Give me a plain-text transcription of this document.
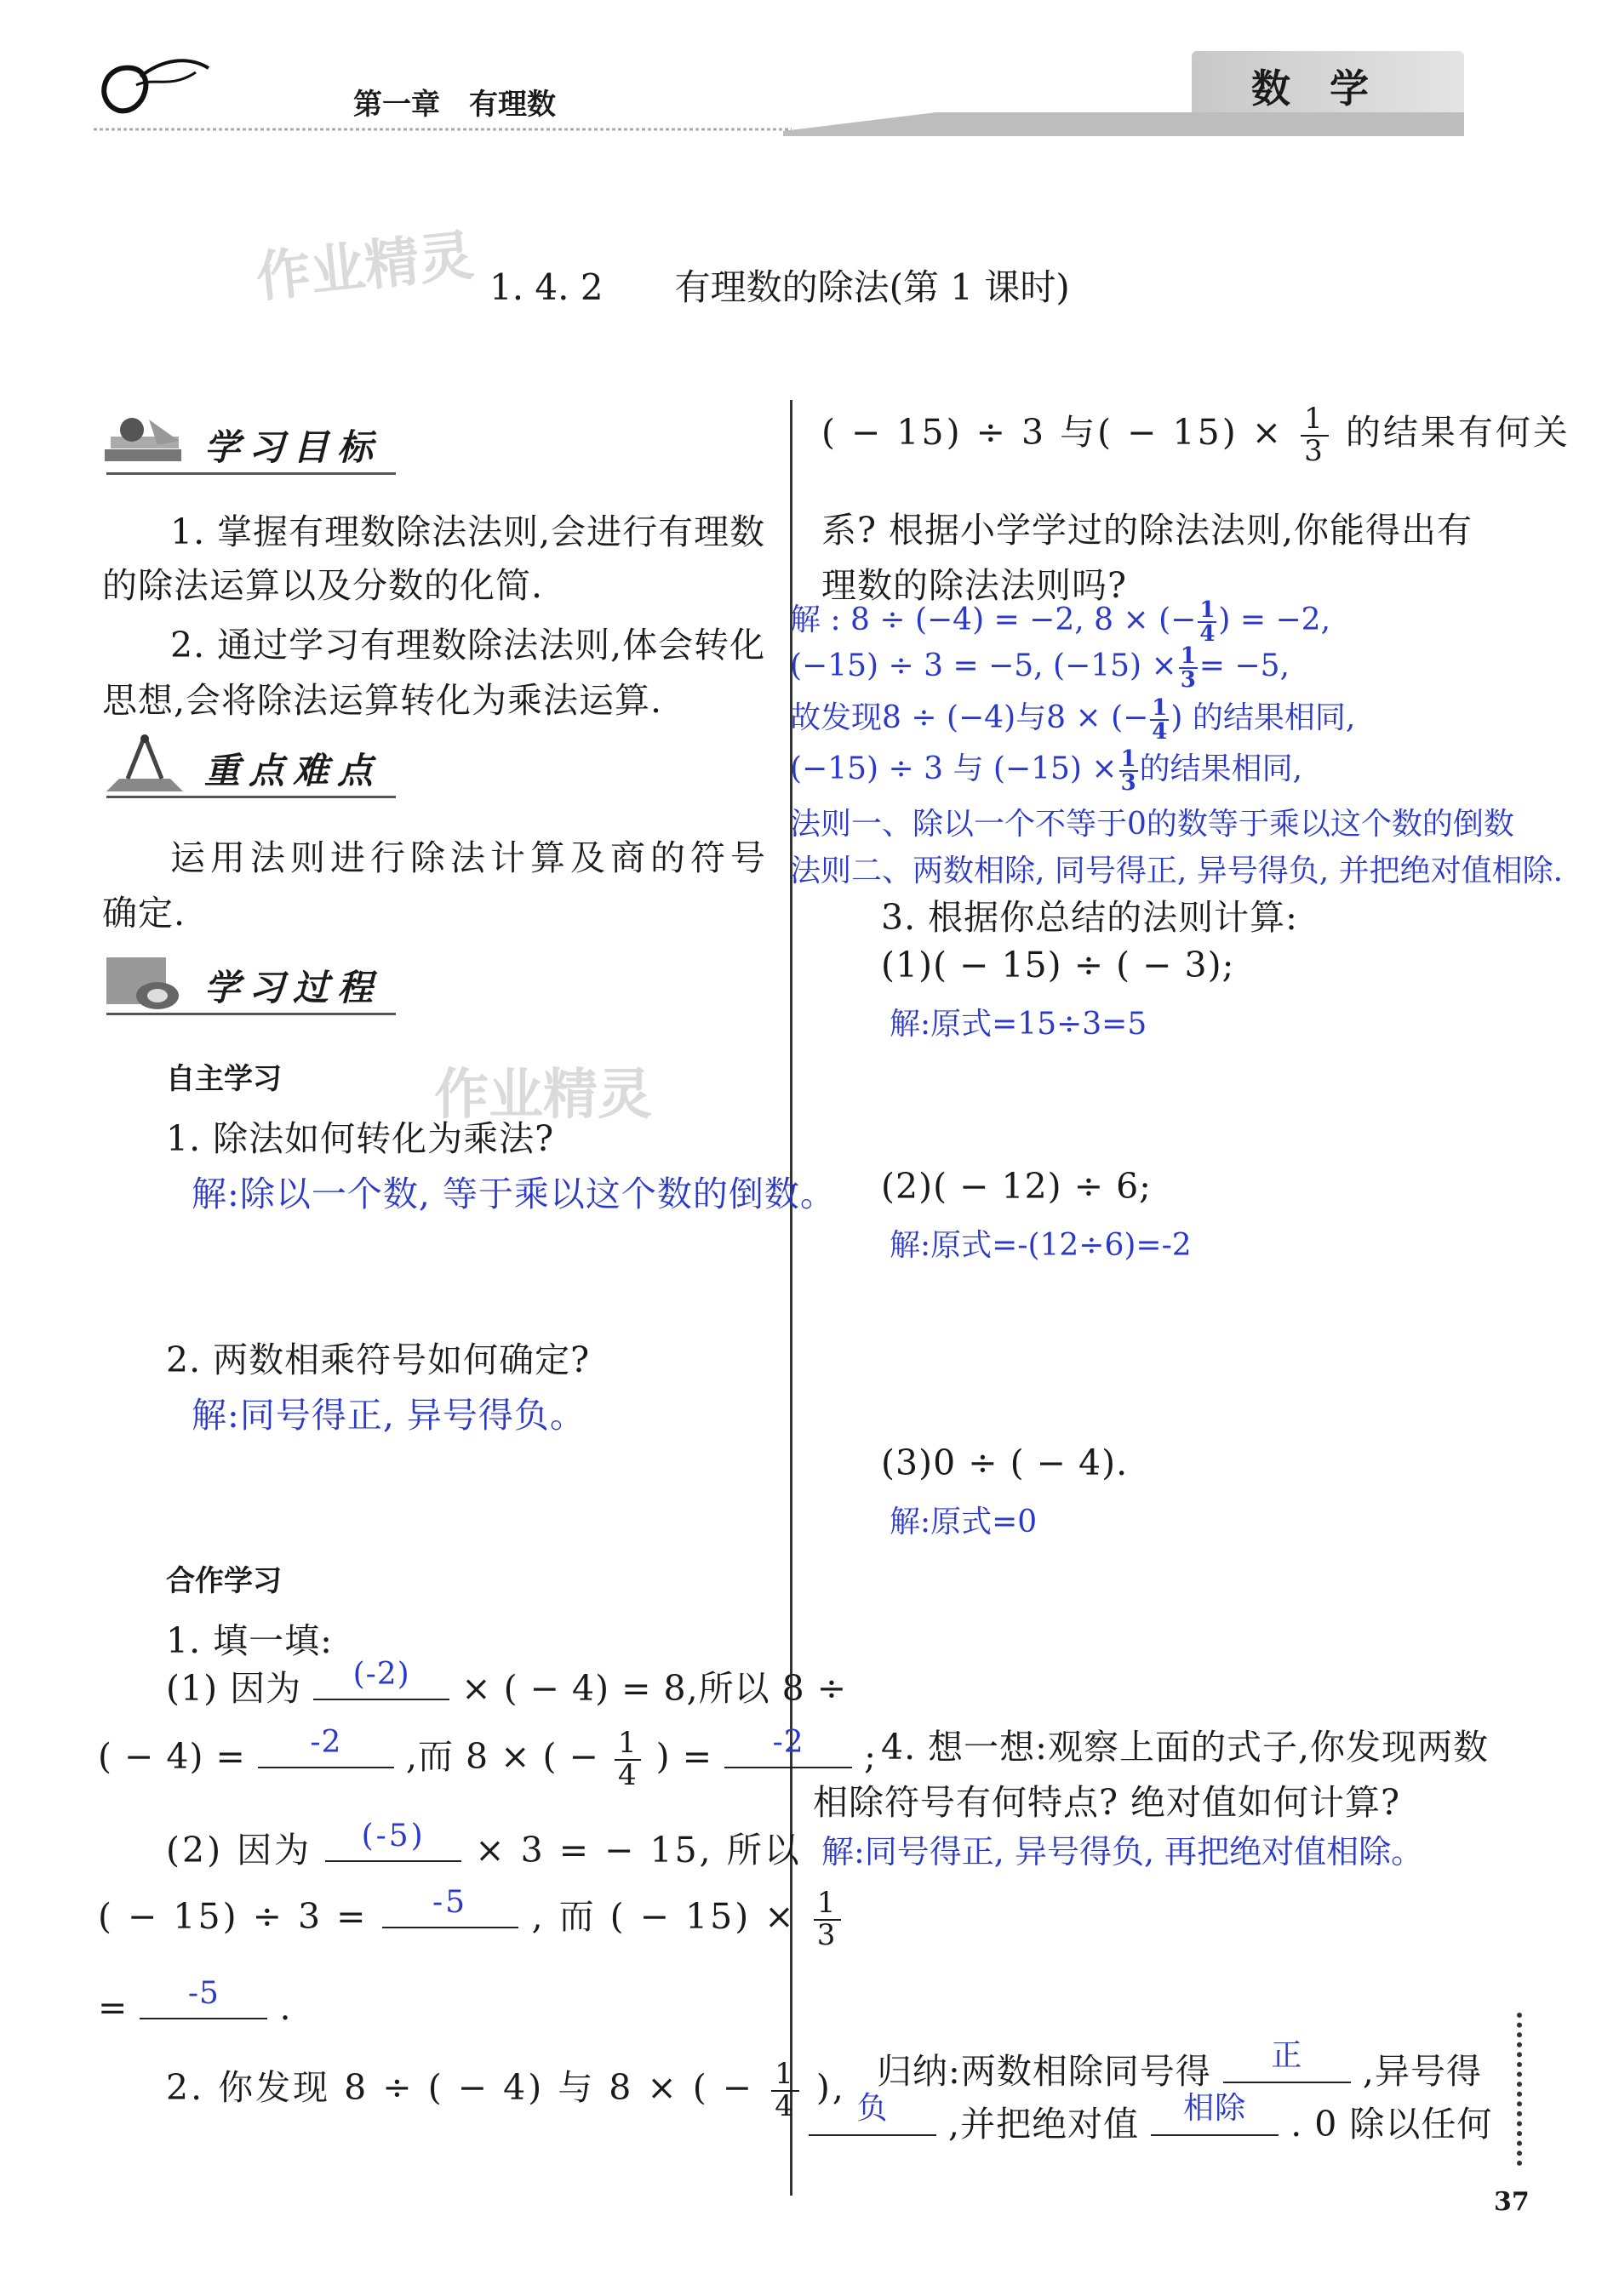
第一章　有理数	数　学
作业精灵 1. 4. 2　　有理数的除法(第 1 课时)
学习目标
1. 掌握有理数除法法则,会进行有理数
的除法运算以及分数的化简.
2. 通过学习有理数除法法则,体会转化
思想,会将除法运算转化为乘法运算.
重点难点
运用法则进行除法计算及商的符号
确定.
学习过程
自主学习	作业精灵
1. 除法如何转化为乘法?
解:除以一个数, 等于乘以这个数的倒数。
2. 两数相乘符号如何确定?
解:同号得正, 异号得负。
合作学习
1. 填一填:
(1) 因为	(-2)	× ( − 4) = 8,所以 8 ÷
( − 4) =	-2	,而 8 × ( − $\frac{1}{4}$ ) =	-2	;
(2) 因为	(-5)	× 3 = − 15, 所以
( − 15) ÷ 3 =	-5	, 而 ( − $15) \times \frac{1}{3}$
=	-5	.
2. 你发现 8 ÷ ( − 4) 与 8 × ( − $\frac{1}{4}$ ),
( − 15) ÷ 3 与( − $15) \times \frac{1}{3}$ 的结果有何关
系? 根据小学学过的除法法则,你能得出有
理数的除法法则吗?
解 : 8 ÷ (−4) = −2, 8 × (− $\frac{1}{4}$ ) = −2,
(−15) ÷ 3 = −5, $(-15) \times \frac{1}{3} = -5$,
故发现8 ÷ (−4)与8 × (− $\frac{1}{4}$ ) 的结果相同,
(−15) ÷ 3 与 $(-15) \times \frac{1}{3}$ 的结果相同,
法则一、除以一个不等于0的数等于乘以这个数的倒数
法则二、两数相除, 同号得正, 异号得负, 并把绝对值相除.
3. 根据你总结的法则计算:
(1)( − 15) ÷ ( − 3);
解:原式=15÷3=5
(2)( − 12) ÷ 6;
解:原式=-(12÷6)=-2
(3)0 ÷ ( − 4).
解:原式=0
4. 想一想:观察上面的式子,你发现两数
相除符号有何特点? 绝对值如何计算?
解:同号得正, 异号得负, 再把绝对值相除。
归纳:两数相除同号得	正	,异号得
负	,并把绝对值	相除	. 0 除以任何
37
